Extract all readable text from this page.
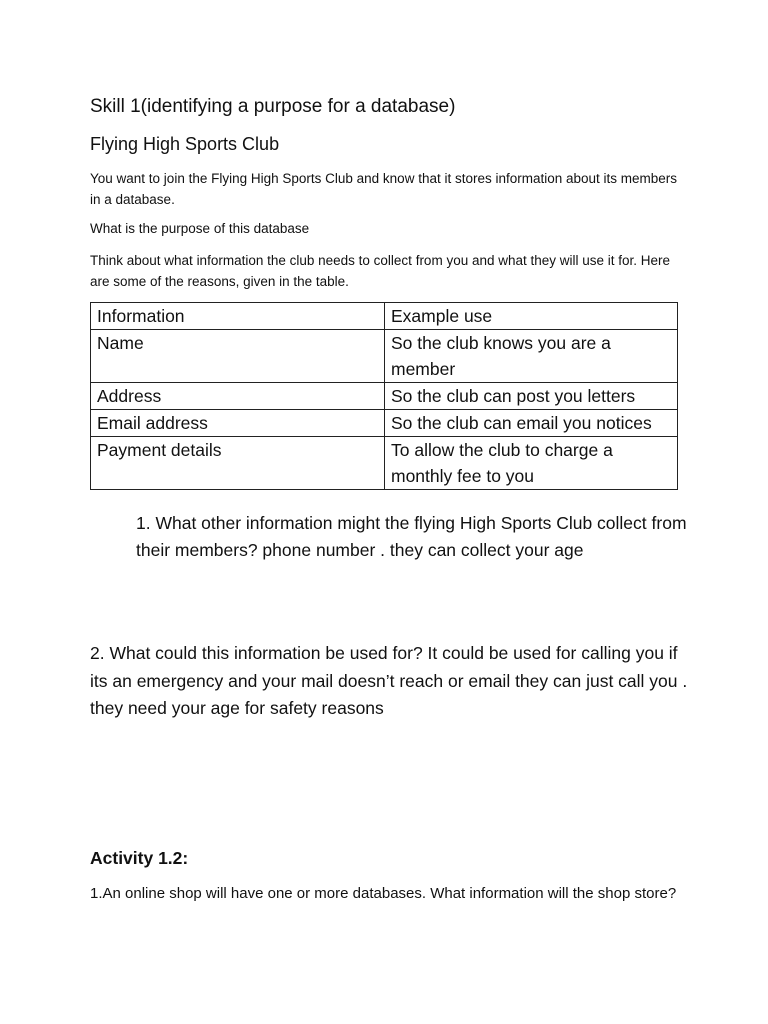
Skill 1(identifying a purpose for a database)

Flying High Sports Club

You want to join the Flying High Sports Club and know that it stores information about its members in a database.

What is the purpose of this database

Think about what information the club needs to collect from you and what they will use it for. Here are some of the reasons, given in the table.

Information	Example use
Name	So the club knows you are a member
Address	So the club can post you letters
Email address	So the club can email you notices
Payment details	To allow the club to charge a monthly fee to you

1. What other information might the flying High Sports Club collect from their members? phone number . they can collect your age

2. What could this information be used for? It could be used for calling you if its an emergency and your mail doesn’t reach or email they can just call you . they need your age for safety reasons

Activity 1.2:

1.An online shop will have one or more databases. What information will the shop store?
